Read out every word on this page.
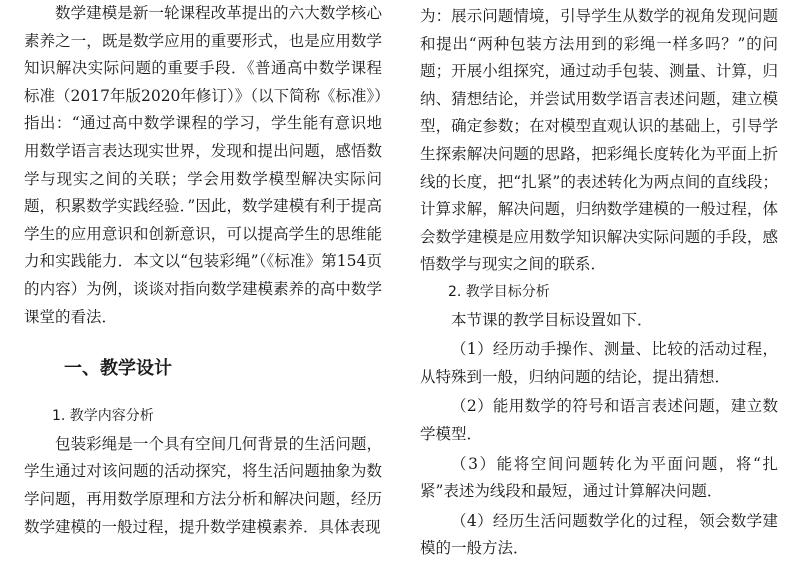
数学建模是新一轮课程改革提出的六大数学核心素养之一，既是数学应用的重要形式，也是应用数学知识解决实际问题的重要手段．《普通高中数学课程标准（2017年版2020年修订）》（以下简称《标准》）指出：“通过高中数学课程的学习，学生能有意识地用数学语言表达现实世界，发现和提出问题，感悟数学与现实之间的关联；学会用数学模型解决实际问题，积累数学实践经验．”因此，数学建模有利于提高学生的应用意识和创新意识，可以提高学生的思维能力和实践能力．本文以“包装彩绳”（《标准》第154页的内容）为例，谈谈对指向数学建模素养的高中数学课堂的看法．

一、教学设计

1. 教学内容分析

包装彩绳是一个具有空间几何背景的生活问题，学生通过对该问题的活动探究，将生活问题抽象为数学问题，再用数学原理和方法分析和解决问题，经历数学建模的一般过程，提升数学建模素养．具体表现

为：展示问题情境，引导学生从数学的视角发现问题和提出“两种包装方法用到的彩绳一样多吗？”的问题；开展小组探究，通过动手包装、测量、计算，归纳、猜想结论，并尝试用数学语言表述问题，建立模型，确定参数；在对模型直观认识的基础上，引导学生探索解决问题的思路，把彩绳长度转化为平面上折线的长度，把“扎紧”的表述转化为两点间的直线段；计算求解，解决问题，归纳数学建模的一般过程，体会数学建模是应用数学知识解决实际问题的手段，感悟数学与现实之间的联系．

2. 教学目标分析

本节课的教学目标设置如下．

（1）经历动手操作、测量、比较的活动过程，从特殊到一般，归纳问题的结论，提出猜想．

（2）能用数学的符号和语言表述问题，建立数学模型．

（3）能将空间问题转化为平面问题，将“扎紧”表述为线段和最短，通过计算解决问题．

（4）经历生活问题数学化的过程，领会数学建模的一般方法．
